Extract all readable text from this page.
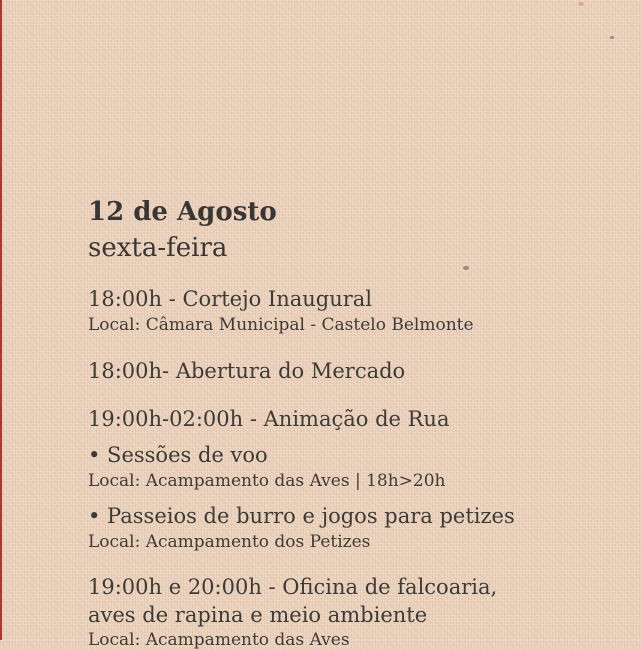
12 de Agosto
sexta-feira
18:00h - Cortejo Inaugural
Local: Câmara Municipal - Castelo Belmonte
18:00h- Abertura do Mercado
19:00h-02:00h - Animação de Rua
• Sessões de voo
Local: Acampamento das Aves | 18h>20h
• Passeios de burro e jogos para petizes
Local: Acampamento dos Petizes
19:00h e 20:00h - Oficina de falcoaria,
aves de rapina e meio ambiente
Local: Acampamento das Aves
